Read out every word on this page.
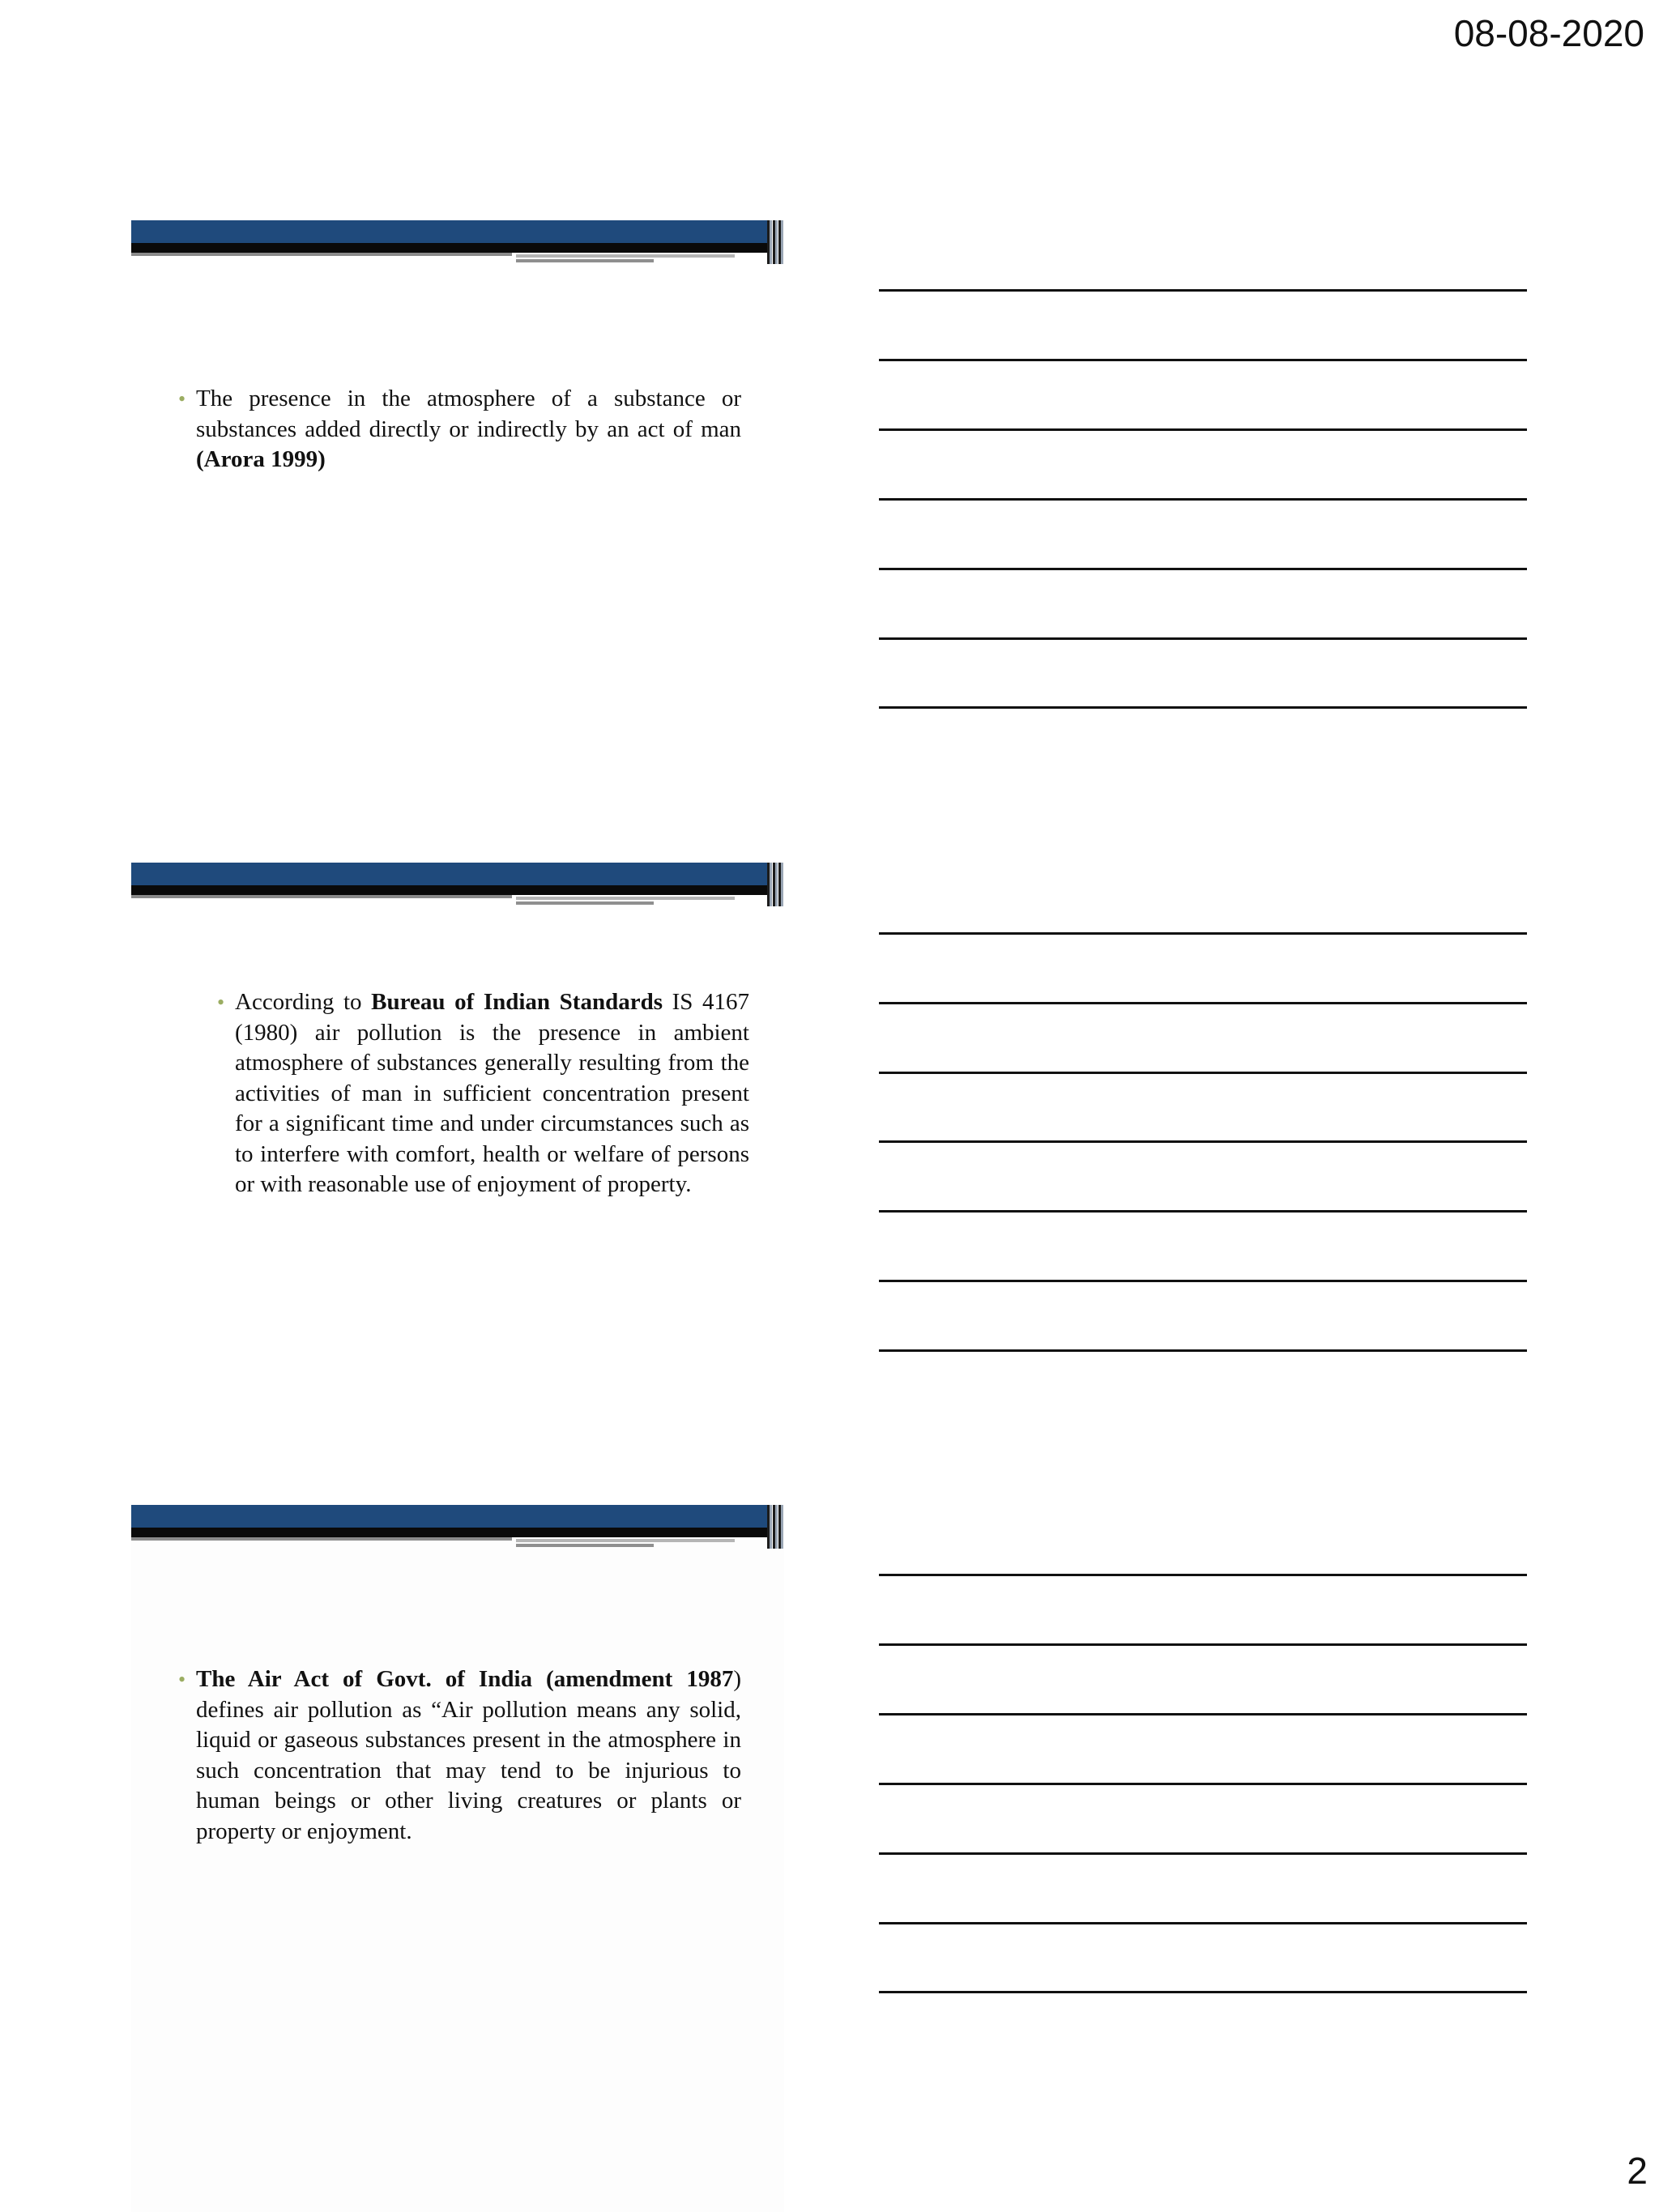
08-08-2020
• The presence in the atmosphere of a substance or substances added directly or indirectly by an act of man (Arora 1999)
• According to Bureau of Indian Standards IS 4167 (1980) air pollution is the presence in ambient atmosphere of substances generally resulting from the activities of man in sufficient concentration present for a significant time and under circumstances such as to interfere with comfort, health or welfare of persons or with reasonable use of enjoyment of property.
• The Air Act of Govt. of India (amendment 1987) defines air pollution as “Air pollution means any solid, liquid or gaseous substances present in the atmosphere in such concentration that may tend to be injurious to human beings or other living creatures or plants or property or enjoyment.
2
